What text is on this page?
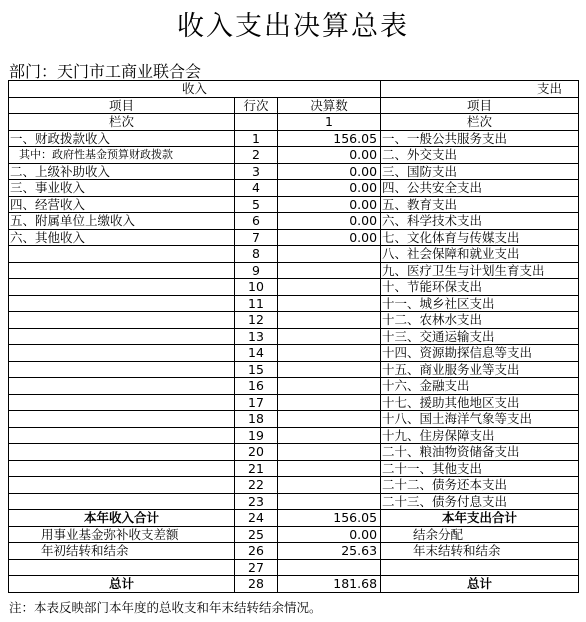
收入支出决算总表
部门：天门市工商业联合会
收入			支出
项目	行次	决算数	项目
栏次		1	栏次
一、财政拨款收入	1	156.05	一、一般公共服务支出
其中：政府性基金预算财政拨款	2	0.00	二、外交支出
二、上级补助收入	3	0.00	三、国防支出
三、事业收入	4	0.00	四、公共安全支出
四、经营收入	5	0.00	五、教育支出
五、附属单位上缴收入	6	0.00	六、科学技术支出
六、其他收入	7	0.00	七、文化体育与传媒支出
	8		八、社会保障和就业支出
	9		九、医疗卫生与计划生育支出
	10		十、节能环保支出
	11		十一、城乡社区支出
	12		十二、农林水支出
	13		十三、交通运输支出
	14		十四、资源勘探信息等支出
	15		十五、商业服务业等支出
	16		十六、金融支出
	17		十七、援助其他地区支出
	18		十八、国土海洋气象等支出
	19		十九、住房保障支出
	20		二十、粮油物资储备支出
	21		二十一、其他支出
	22		二十二、债务还本支出
	23		二十三、债务付息支出
本年收入合计	24	156.05	本年支出合计
用事业基金弥补收支差额	25	0.00	结余分配
年初结转和结余	26	25.63	年末结转和结余
	27		
总计	28	181.68	总计
注：本表反映部门本年度的总收支和年末结转结余情况。
